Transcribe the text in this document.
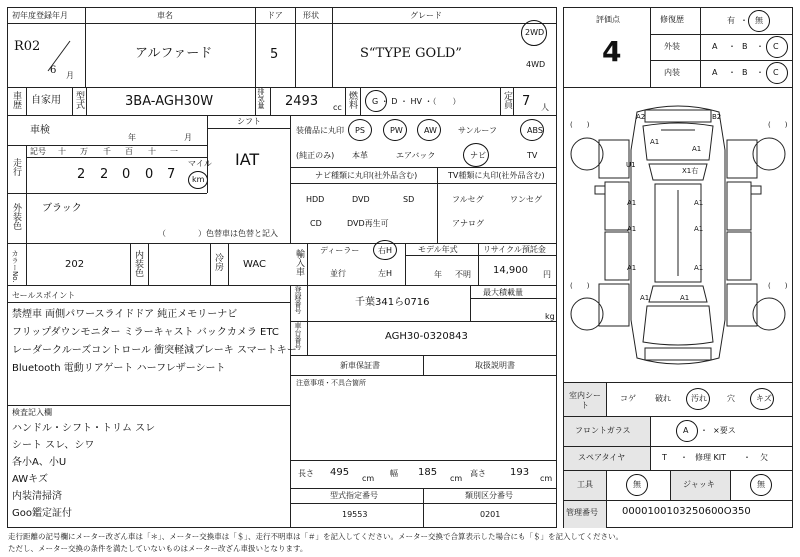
初年度登録年月	車名	ドア	形状	グレード
R02
6 月
アルファード	5	S“TYPE GOLD”
2WD
4WD
車歴 自家用 型式	3BA-AGH30W	排気量 2493 cc 燃料 G ・ D ・ HV ・（　　）	定員 7 人
車検
年	月
シフト
IAT
走行
記号 十 万 千 百 十 一
2 2 0 0 7
マイル
km
外装色 ブラック
（　　　　）色替車は色替と記入
カラーNo.	202	内装色	冷房 WAC
装備品に丸印
(純正のみ)
PS	PW	AW	サンルーフ	ABS
本革	エアバック	ナビ	TV
ナビ種類に丸印(社外品含む)	TV種類に丸印(社外品含む)
HDD	DVD	SD
CD	DVD再生可
フルセグ	ワンセグ
アナログ
輸入車 ディーラー
並行
右H
左H
モデル年式
年 不明
リサイクル預託金
14,900 円
セールスポイント
禁煙車 両側パワースライドドア 純正メモリーナビ
フリップダウンモニター ミラーキャスト バックカメラ ETC
レーダークルーズコントロール 衝突軽減ブレーキ スマートキー
Bluetooth 電動リアゲート ハーフレザーシート
登録番号	千葉341ら0716
最大積載量
kg
車台番号	AGH30-0320843
新車保証書	取扱説明書
注意事項・不具合箇所
検査記入欄
ハンドル・シフト・トリム スレ
シート スレ、シワ
各小A、小U
AWキズ
内装清掃済
Goo鑑定証付
長さ 495
cm
幅 185
cm
高さ 193
cm
型式指定番号
19553
類別区分番号
0201
評価点
4
修復歴
外装
内装
有 ・ 無
A ・ B ・ C
A ・ B ・ C
A2	B2
A1
U1
A1
A1	A1
A1	A1
A1	A1
A1	A1
X1右
(　　)	(　　)
(　　)	(　　)
室内シート
コゲ 破れ	汚れ	穴	キズ
フロントガラス	A ・ ×要ス
スペアタイヤ	T ・ 修理 KIT ・ 欠
工具	無	ジャッキ	無
管理番号 0000100103250600O350
走行距離の記号欄にメーター改ざん車は「＊」、メーター交換車は「＄」、走行不明車は「＃」を記入してください。メーター交換で合算表示した場合にも「＄」を記入してください。
ただし、メーター交換の条件を満たしていないものはメーター改ざん車扱いとなります。
